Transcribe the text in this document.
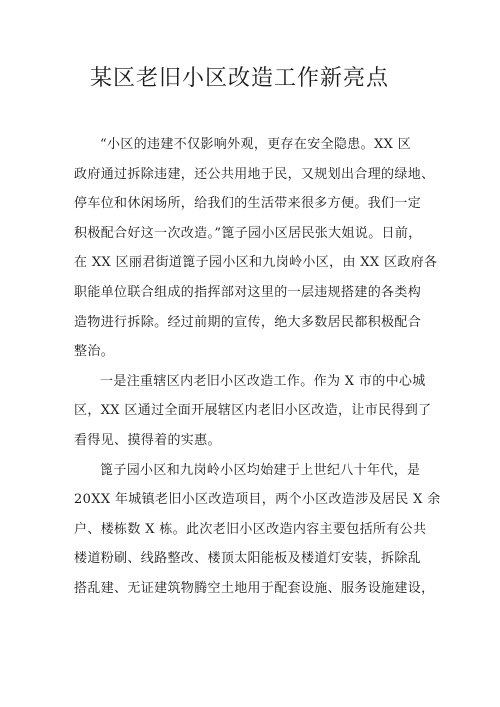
某区老旧小区改造工作新亮点

“小区的违建不仅影响外观，更存在安全隐患。XX 区
政府通过拆除违建，还公共用地于民，又规划出合理的绿地、
停车位和休闲场所，给我们的生活带来很多方便。我们一定
积极配合好这一次改造。”篦子园小区居民张大姐说。日前，
在 XX 区丽君街道篦子园小区和九岗岭小区，由 XX 区政府各
职能单位联合组成的指挥部对这里的一层违规搭建的各类构
造物进行拆除。经过前期的宣传，绝大多数居民都积极配合
整治。

一是注重辖区内老旧小区改造工作。作为 X 市的中心城
区，XX 区通过全面开展辖区内老旧小区改造，让市民得到了
看得见、摸得着的实惠。

篦子园小区和九岗岭小区均始建于上世纪八十年代，是
20XX 年城镇老旧小区改造项目，两个小区改造涉及居民 X 余
户、楼栋数 X 栋。此次老旧小区改造内容主要包括所有公共
楼道粉刷、线路整改、楼顶太阳能板及楼道灯安装，拆除乱
搭乱建、无证建筑物腾空土地用于配套设施、服务设施建设，
